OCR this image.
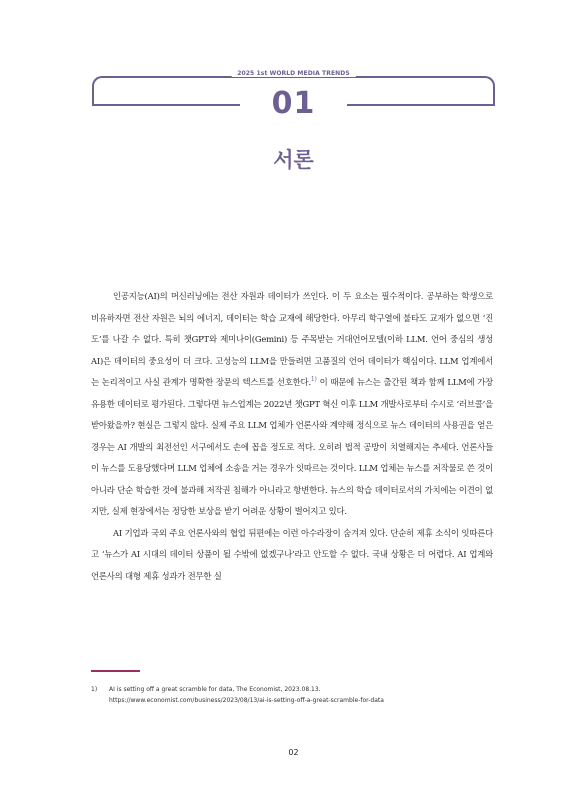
2025 1st WORLD MEDIA TRENDS
01
서론

인공지능(AI)의 머신러닝에는 전산 자원과 데이터가 쓰인다. 이 두 요소는 필수적이다. 공부하는 학생으로 비유하자면 전산 자원은 뇌의 에너지, 데이터는 학습 교재에 해당한다. 아무리 학구열에 불타도 교재가 없으면 ‘진도’를 나갈 수 없다. 특히 챗GPT와 제미나이(Gemini) 등 주목받는 거대언어모델(이하 LLM. 언어 중심의 생성 AI)은 데이터의 중요성이 더 크다. 고성능의 LLM을 만들려면 고품질의 언어 데이터가 핵심이다. LLM 업계에서는 논리적이고 사실 관계가 명확한 장문의 텍스트를 선호한다.$^{1)}$ 이 때문에 뉴스는 출간된 책과 함께 LLM에 가장 유용한 데이터로 평가된다. 그렇다면 뉴스업계는 2022년 챗GPT 혁신 이후 LLM 개발사로부터 수시로 ‘러브콜’을 받아왔을까? 현실은 그렇지 않다. 실제 주요 LLM 업체가 언론사와 계약해 정식으로 뉴스 데이터의 사용권을 얻은 경우는 AI 개발의 최전선인 서구에서도 손에 꼽을 정도로 적다. 오히려 법적 공방이 치열해지는 추세다. 언론사들이 뉴스를 도용당했다며 LLM 업체에 소송을 거는 경우가 잇따르는 것이다. LLM 업체는 뉴스를 저작물로 쓴 것이 아니라 단순 학습한 것에 불과해 저작권 침해가 아니라고 항변한다. 뉴스의 학습 데이터로서의 가치에는 이견이 없지만, 실제 현장에서는 정당한 보상을 받기 어려운 상황이 벌어지고 있다.

AI 기업과 국외 주요 언론사와의 협업 뒤편에는 이런 아수라장이 숨겨져 있다. 단순히 제휴 소식이 잇따른다고 ‘뉴스가 AI 시대의 데이터 상품이 될 수밖에 없겠구나’라고 안도할 수 없다. 국내 상황은 더 어렵다. AI 업계와 언론사의 대형 제휴 성과가 전무한 실

1) AI is setting off a great scramble for data, The Economist, 2023.08.13.
https://www.economist.com/business/2023/08/13/ai-is-setting-off-a-great-scramble-for-data
02
